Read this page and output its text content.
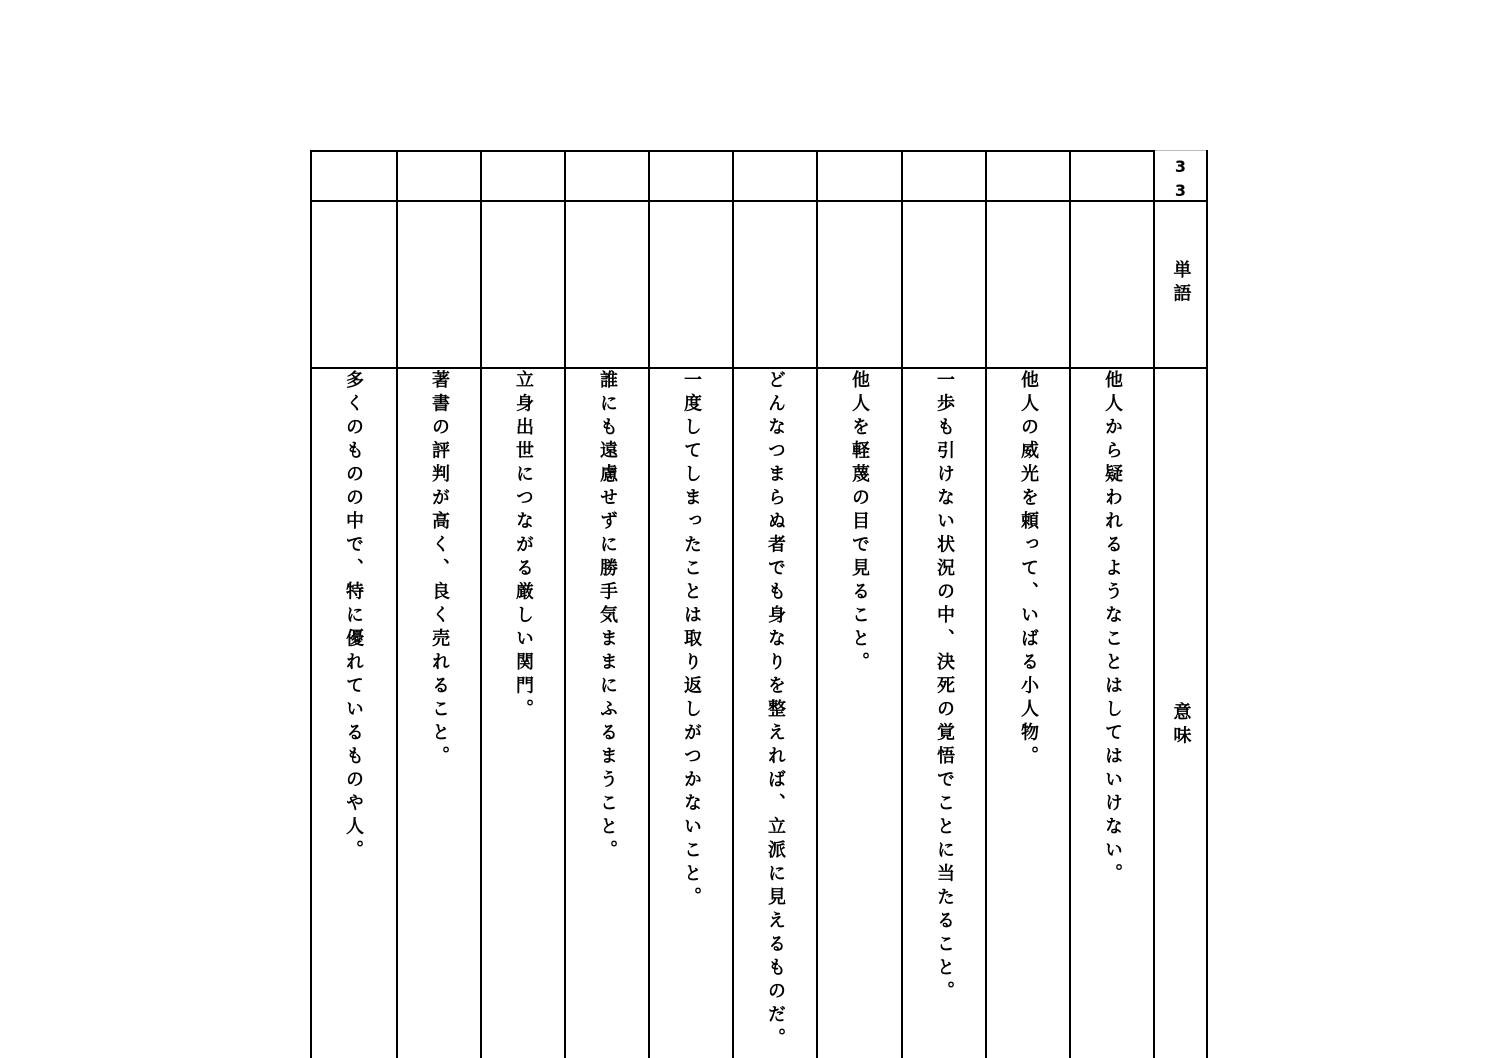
他人から疑われるようなことはしてはいけない。
他人の威光を頼って、いばる小人物。
一歩も引けない状況の中、決死の覚悟でことに当たること。
他人を軽蔑の目で見ること。
どんなつまらぬ者でも身なりを整えれば、立派に見えるものだ。
一度してしまったことは取り返しがつかないこと。
誰にも遠慮せずに勝手気ままにふるまうこと。
立身出世につながる厳しい関門。
著書の評判が高く、良く売れること。
多くのものの中で、特に優れているものや人。
3
3
単語
意味
